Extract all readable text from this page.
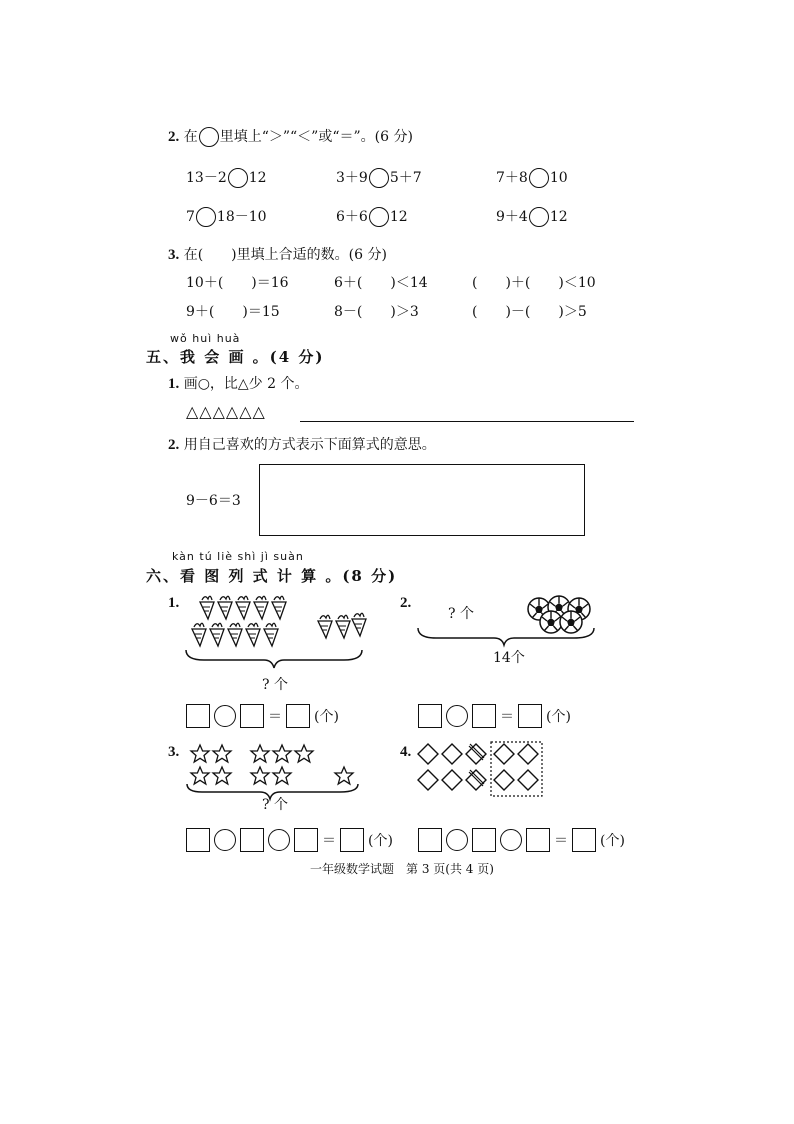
2. 在 里填上“＞”“＜”或“＝”。(6 分)
13－2 12	3＋9 5＋7	7＋8 10
7 18－10	6＋6 12	9＋4 12
3. 在(　　)里填上合适的数。(6 分)
10＋(　　)＝16	6＋(　　)＜14	(　　)＋(　　)＜10
9＋(　　)＝15	8－(　　)＞3	(　　)－(　　)＞5
wǒ huì huà
五、我 会 画 。(4 分)
1. 画○，比△少 2 个。
△△△△△△
2. 用自己喜欢的方式表示下面算式的意思。
9－6＝3
kàn tú liè shì jì suàn
六、看 图 列 式 计 算 。(8 分)
1.
? 个
＝ (个)
2.
? 个
14个
＝ (个)
3.
? 个
＝ (个)
4.
＝ (个)
一年级数学试题　第 3 页(共 4 页)
